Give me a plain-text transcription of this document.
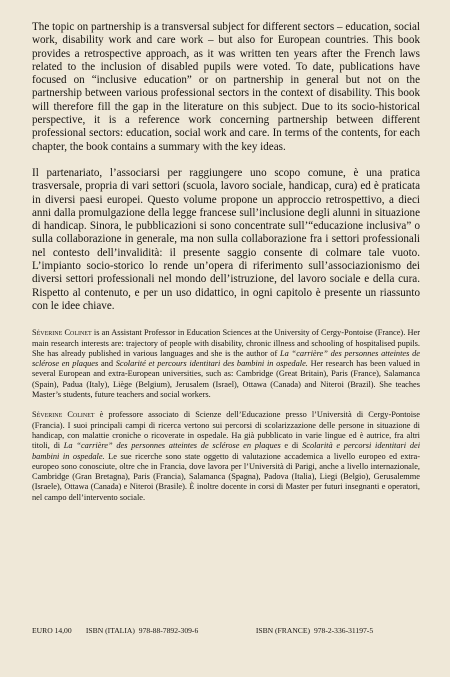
The topic on partnership is a transversal subject for different sectors – education, social work, disability work and care work – but also for European countries. This book provides a retrospective approach, as it was written ten years after the French laws related to the inclusion of disabled pupils were voted. To date, publications have focused on “inclusive education” or on partnership in general but not on the partnership between various professional sectors in the context of disability. This book will therefore fill the gap in the literature on this subject. Due to its socio-historical perspective, it is a reference work concerning partnership between different professional sectors: education, social work and care. In terms of the contents, for each chapter, the book contains a summary with the key ideas.

Il partenariato, l’associarsi per raggiungere uno scopo comune, è una pratica trasversale, propria di vari settori (scuola, lavoro sociale, handicap, cura) ed è praticata in diversi paesi europei. Questo volume propone un approccio retrospettivo, a dieci anni dalla promulgazione della legge francese sull’inclusione degli alunni in situazione di handicap. Sinora, le pubblicazioni si sono concentrate sull’“educazione inclusiva” o sulla collaborazione in generale, ma non sulla collaborazione fra i settori professionali nel contesto dell’invalidità: il presente saggio consente di colmare tale vuoto. L’impianto socio-storico lo rende un’opera di riferimento sull’associazionismo dei diversi settori professionali nel mondo dell’istruzione, del lavoro sociale e della cura. Rispetto al contenuto, e per un uso didattico, in ogni capitolo è presente un riassunto con le idee chiave.

Séverine Colinet is an Assistant Professor in Education Sciences at the University of Cergy-Pontoise (France). Her main research interests are: trajectory of people with disability, chronic illness and schooling of hospitalised pupils. She has already published in various languages and she is the author of La “carrière” des personnes atteintes de sclérose en plaques and Scolarité et percours identitari des bambini in ospedale. Her research has been valued in several European and extra-European universities, such as: Cambridge (Great Britain), Paris (France), Salamanca (Spain), Padua (Italy), Liège (Belgium), Jerusalem (Israel), Ottawa (Canada) and Niteroi (Brazil). She teaches Master’s students, future teachers and social workers.

Séverine Colinet è professore associato di Scienze dell’Educazione presso l’Università di Cergy-Pontoise (Francia). I suoi principali campi di ricerca vertono sui percorsi di scolarizzazione delle persone in situazione di handicap, con malattie croniche o ricoverate in ospedale. Ha già pubblicato in varie lingue ed è autrice, fra altri titoli, di La “carrière” des personnes atteintes de sclérose en plaques e di Scolarità e percorsi identitari dei bambini in ospedale. Le sue ricerche sono state oggetto di valutazione accademica a livello europeo ed extra-europeo sono conosciute, oltre che in Francia, dove lavora per l’Università di Parigi, anche a livello internazionale, Cambridge (Gran Bretagna), Paris (Francia), Salamanca (Spagna), Padova (Italia), Liegi (Belgio), Gerusalemme (Israele), Ottawa (Canada) e Niteroi (Brasile). È inoltre docente in corsi di Master per futuri insegnanti e operatori, nel campo dell’intervento sociale.

EURO 14,00 ISBN (ITALIA) 978-88-7892-309-6	ISBN (FRANCE) 978-2-336-31197-5
